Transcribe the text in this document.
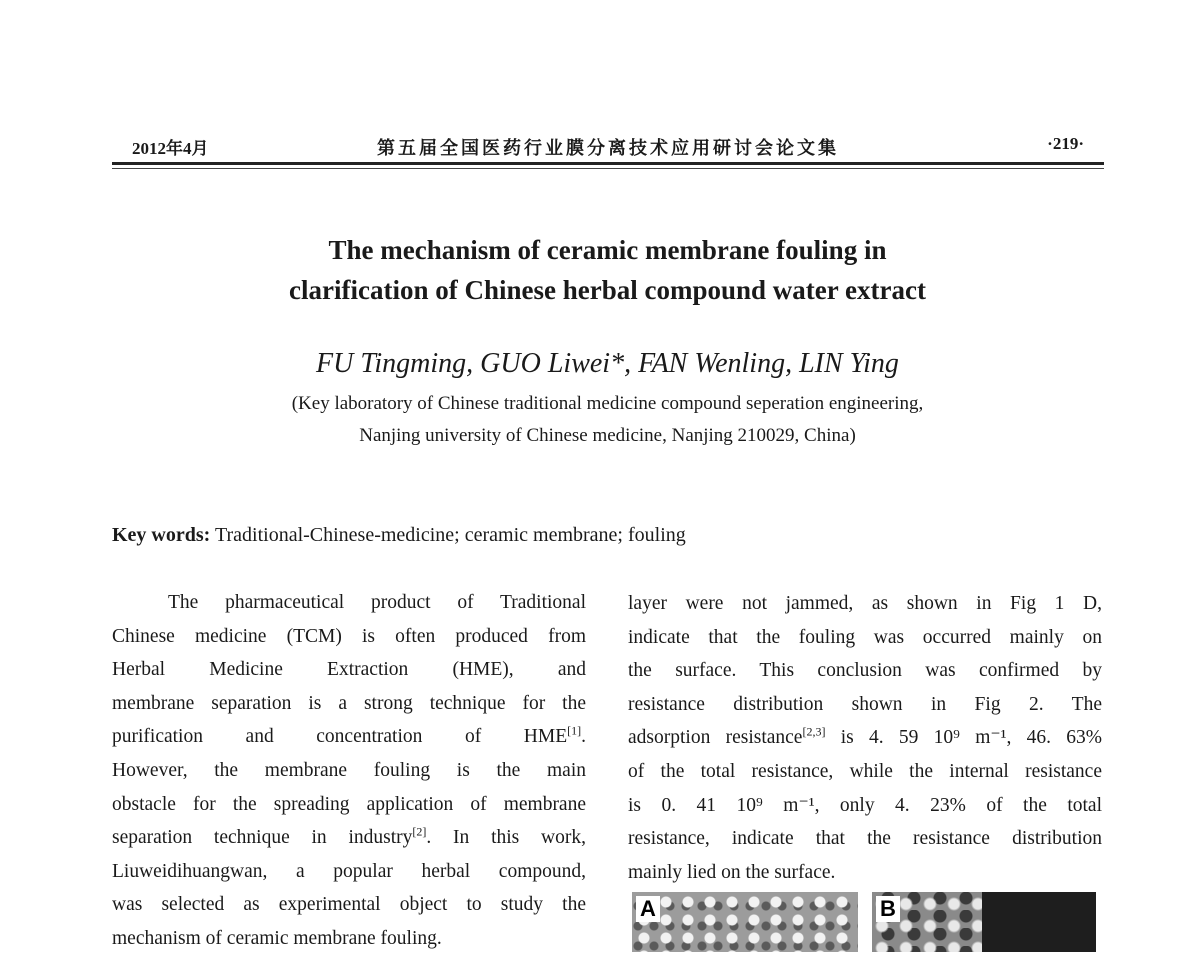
2012年4月	第五届全国医药行业膜分离技术应用研讨会论文集	·219·
The mechanism of ceramic membrane fouling in
clarification of Chinese herbal compound water extract
FU Tingming, GUO Liwei*, FAN Wenling, LIN Ying
(Key laboratory of Chinese traditional medicine compound seperation engineering,
Nanjing university of Chinese medicine, Nanjing 210029, China)
Key words: Traditional-Chinese-medicine; ceramic membrane; fouling
The pharmaceutical product of Traditional
Chinese medicine (TCM) is often produced from
Herbal Medicine Extraction (HME), and
membrane separation is a strong technique for the
purification and concentration of HME[1].
However, the membrane fouling is the main
obstacle for the spreading application of membrane
separation technique in industry[2]. In this work,
Liuweidihuangwan, a popular herbal compound,
was selected as experimental object to study the
mechanism of ceramic membrane fouling.
layer were not jammed, as shown in Fig 1 D,
indicate that the fouling was occurred mainly on
the surface. This conclusion was confirmed by
resistance distribution shown in Fig 2. The
adsorption resistance[2,3] is 4. 59 10⁹ m⁻¹, 46. 63%
of the total resistance, while the internal resistance
is 0. 41 10⁹ m⁻¹, only 4. 23% of the total
resistance, indicate that the resistance distribution
mainly lied on the surface.
A	B
